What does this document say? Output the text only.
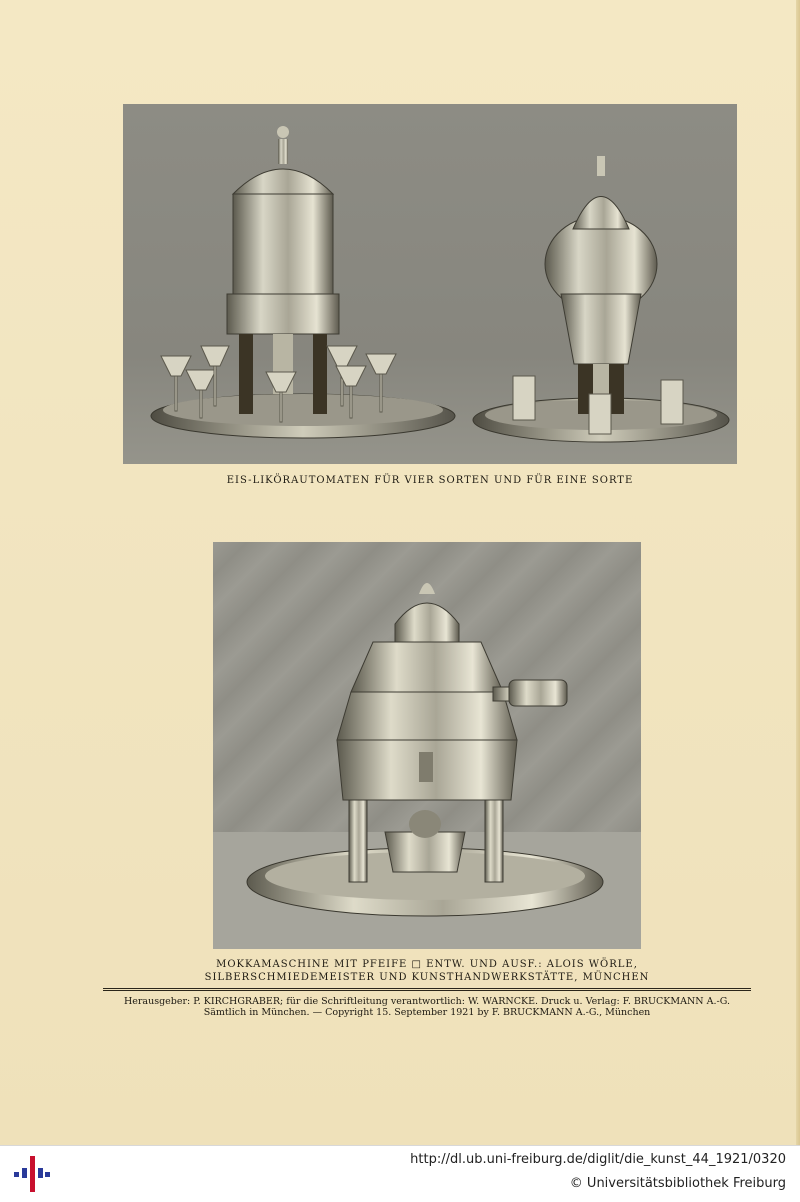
EIS-LIKÖRAUTOMATEN FÜR VIER SORTEN UND FÜR EINE SORTE
MOKKAMASCHINE MIT PFEIFE □ ENTW. UND AUSF.: ALOIS WÖRLE,
SILBERSCHMIEDEMEISTER UND KUNSTHANDWERKSTÄTTE, MÜNCHEN
Herausgeber: P. KIRCHGRABER; für die Schriftleitung verantwortlich: W. WARNCKE. Druck u. Verlag: F. BRUCKMANN A.-G.
Sämtlich in München. — Copyright 15. September 1921 by F. BRUCKMANN A.-G., München
http://dl.ub.uni-freiburg.de/diglit/die_kunst_44_1921/0320
© Universitätsbibliothek Freiburg
